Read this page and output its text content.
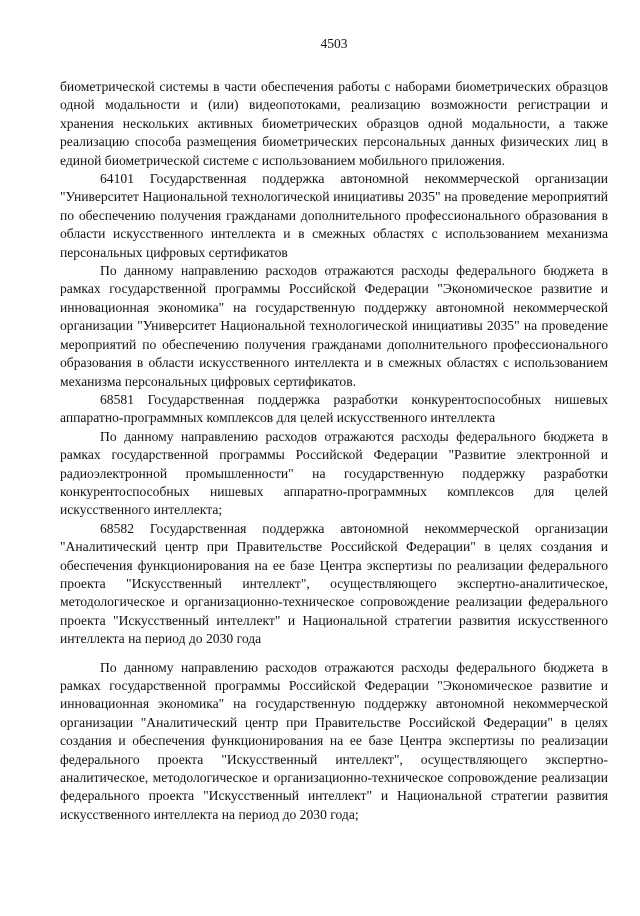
4503

биометрической системы в части обеспечения работы с наборами биометрических образцов одной модальности и (или) видеопотоками, реализацию возможности регистрации и хранения нескольких активных биометрических образцов одной модальности, а также реализацию способа размещения биометрических персональных данных физических лиц в единой биометрической системе с использованием мобильного приложения.

64101 Государственная поддержка автономной некоммерческой организации "Университет Национальной технологической инициативы 2035" на проведение мероприятий по обеспечению получения гражданами дополнительного профессионального образования в области искусственного интеллекта и в смежных областях с использованием механизма персональных цифровых сертификатов

По данному направлению расходов отражаются расходы федерального бюджета в рамках государственной программы Российской Федерации "Экономическое развитие и инновационная экономика" на государственную поддержку автономной некоммерческой организации "Университет Национальной технологической инициативы 2035" на проведение мероприятий по обеспечению получения гражданами дополнительного профессионального образования в области искусственного интеллекта и в смежных областях с использованием механизма персональных цифровых сертификатов.

68581 Государственная поддержка разработки конкурентоспособных нишевых аппаратно-программных комплексов для целей искусственного интеллекта

По данному направлению расходов отражаются расходы федерального бюджета в рамках государственной программы Российской Федерации "Развитие электронной и радиоэлектронной промышленности" на государственную поддержку разработки конкурентоспособных нишевых аппаратно-программных комплексов для целей искусственного интеллекта;

68582 Государственная поддержка автономной некоммерческой организации "Аналитический центр при Правительстве Российской Федерации" в целях создания и обеспечения функционирования на ее базе Центра экспертизы по реализации федерального проекта "Искусственный интеллект", осуществляющего экспертно-аналитическое, методологическое и организационно-техническое сопровождение реализации федерального проекта "Искусственный интеллект" и Национальной стратегии развития искусственного интеллекта на период до 2030 года

По данному направлению расходов отражаются расходы федерального бюджета в рамках государственной программы Российской Федерации "Экономическое развитие и инновационная экономика" на государственную поддержку автономной некоммерческой организации "Аналитический центр при Правительстве Российской Федерации" в целях создания и обеспечения функционирования на ее базе Центра экспертизы по реализации федерального проекта "Искусственный интеллект", осуществляющего экспертно-аналитическое, методологическое и организационно-техническое сопровождение реализации федерального проекта "Искусственный интеллект" и Национальной стратегии развития искусственного интеллекта на период до 2030 года;
